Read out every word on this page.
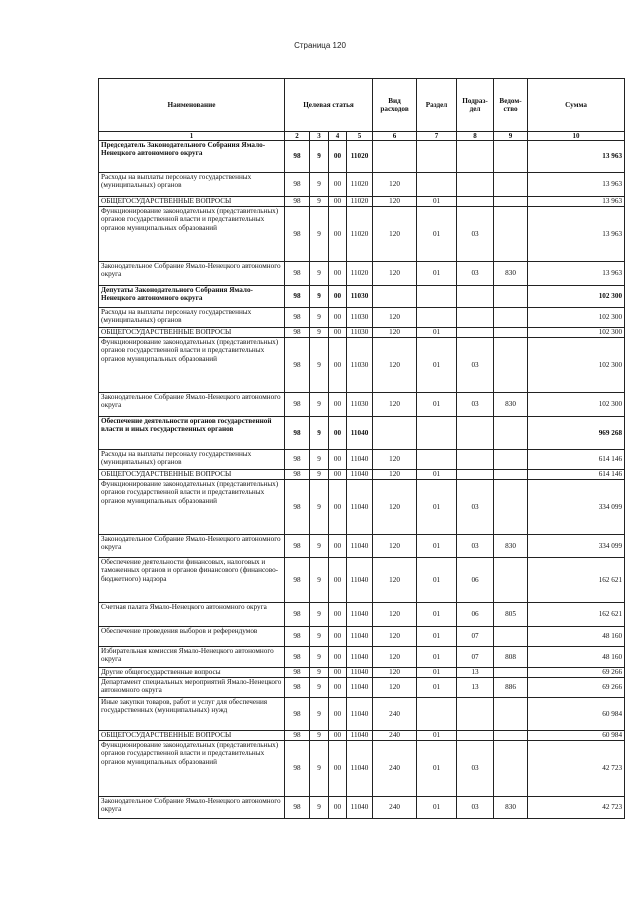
Страница 120
Наименование	Целевая статья				Вид расходов	Раздел	Подраз-дел	Ведом-ство	Сумма
1	2	3	4	5	6	7	8	9	10
Председатель Законодательного Собрания Ямало-Ненецкого автономного округа	98	9	00	11020					13 963
Расходы на выплаты персоналу государственных (муниципальных) органов	98	9	00	11020	120				13 963
ОБЩЕГОСУДАРСТВЕННЫЕ ВОПРОСЫ	98	9	00	11020	120	01			13 963
Функционирование законодательных (представительных) органов государственной власти и представительных органов муниципальных образований	98	9	00	11020	120	01	03		13 963
Законодательное Собрание Ямало-Ненецкого автономного округа	98	9	00	11020	120	01	03	830	13 963
Депутаты Законодательного Собрания Ямало-Ненецкого автономного округа	98	9	00	11030					102 300
Расходы на выплаты персоналу государственных (муниципальных) органов	98	9	00	11030	120				102 300
ОБЩЕГОСУДАРСТВЕННЫЕ ВОПРОСЫ	98	9	00	11030	120	01			102 300
Функционирование законодательных (представительных) органов государственной власти и представительных органов муниципальных образований	98	9	00	11030	120	01	03		102 300
Законодательное Собрание Ямало-Ненецкого автономного округа	98	9	00	11030	120	01	03	830	102 300
Обеспечение деятельности органов государственной власти и иных государственных органов	98	9	00	11040					969 268
Расходы на выплаты персоналу государственных (муниципальных) органов	98	9	00	11040	120				614 146
ОБЩЕГОСУДАРСТВЕННЫЕ ВОПРОСЫ	98	9	00	11040	120	01			614 146
Функционирование законодательных (представительных) органов государственной власти и представительных органов муниципальных образований	98	9	00	11040	120	01	03		334 099
Законодательное Собрание Ямало-Ненецкого автономного округа	98	9	00	11040	120	01	03	830	334 099
Обеспечение деятельности финансовых, налоговых и таможенных органов и органов финансового (финансово-бюджетного) надзора	98	9	00	11040	120	01	06		162 621
Счетная палата Ямало-Ненецкого автономного округа	98	9	00	11040	120	01	06	805	162 621
Обеспечение проведения выборов и референдумов	98	9	00	11040	120	01	07		48 160
Избирательная комиссия Ямало-Ненецкого автономного округа	98	9	00	11040	120	01	07	808	48 160
Другие общегосударственные вопросы	98	9	00	11040	120	01	13		69 266
Департамент специальных мероприятий Ямало-Ненецкого автономного округа	98	9	00	11040	120	01	13	886	69 266
Иные закупки товаров, работ и услуг для обеспечения государственных (муниципальных) нужд	98	9	00	11040	240				60 984
ОБЩЕГОСУДАРСТВЕННЫЕ ВОПРОСЫ	98	9	00	11040	240	01			60 984
Функционирование законодательных (представительных) органов государственной власти и представительных органов муниципальных образований	98	9	00	11040	240	01	03		42 723
Законодательное Собрание Ямало-Ненецкого автономного округа	98	9	00	11040	240	01	03	830	42 723
